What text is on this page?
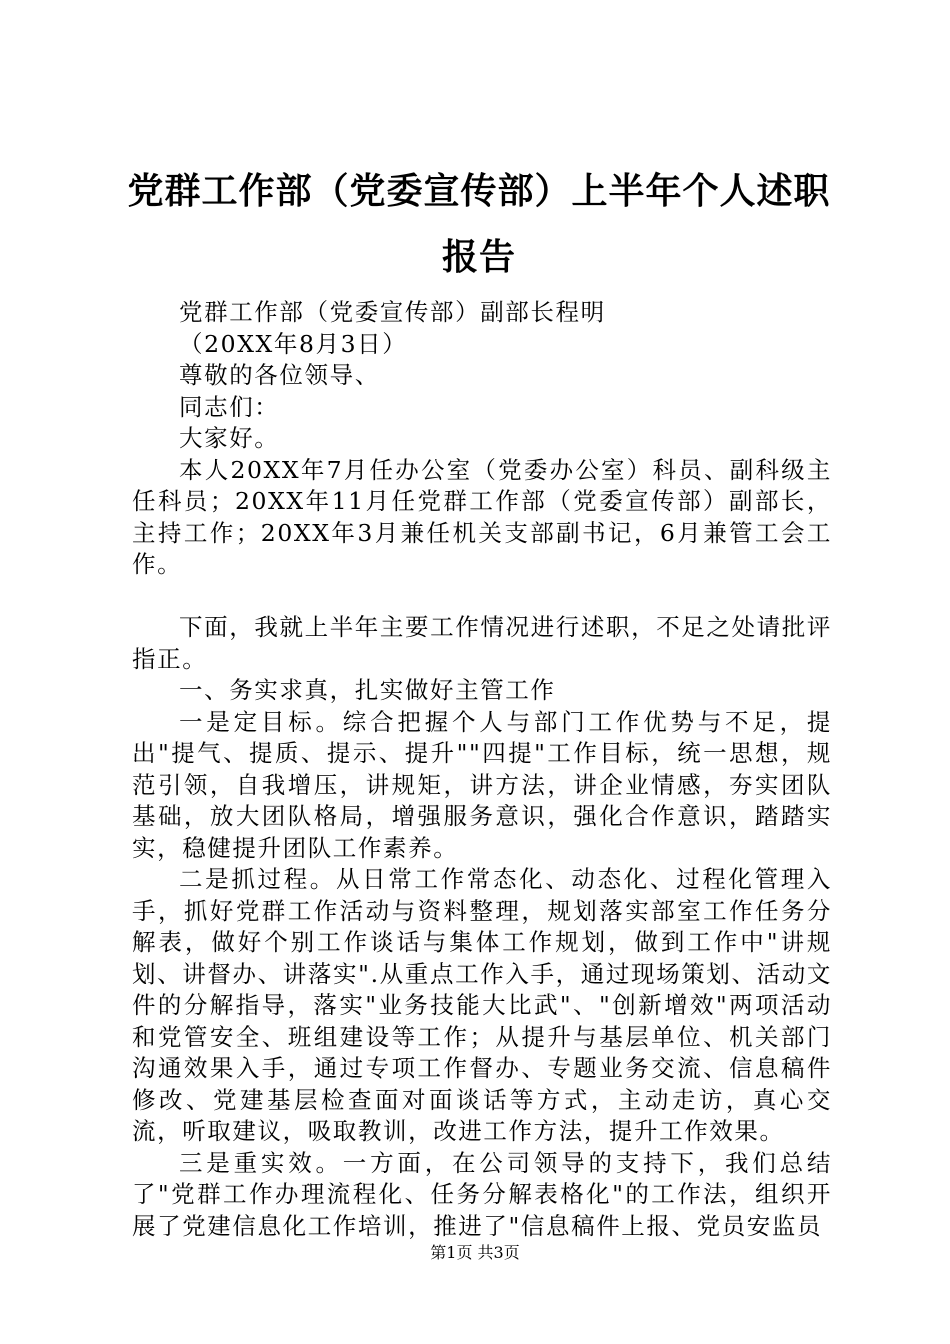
党群工作部（党委宣传部）上半年个人述职报告

党群工作部（党委宣传部）副部长程明

（20XX年8月3日）

尊敬的各位领导、

同志们：

大家好。

本人20XX年7月任办公室（党委办公室）科员、副科级主任科员；20XX年11月任党群工作部（党委宣传部）副部长，主持工作；20XX年3月兼任机关支部副书记，6月兼管工会工作。

下面，我就上半年主要工作情况进行述职，不足之处请批评指正。

一、务实求真，扎实做好主管工作

一是定目标。综合把握个人与部门工作优势与不足，提出"提气、提质、提示、提升""四提"工作目标，统一思想，规范引领，自我增压，讲规矩，讲方法，讲企业情感，夯实团队基础，放大团队格局，增强服务意识，强化合作意识，踏踏实实，稳健提升团队工作素养。

二是抓过程。从日常工作常态化、动态化、过程化管理入手，抓好党群工作活动与资料整理，规划落实部室工作任务分解表，做好个别工作谈话与集体工作规划，做到工作中"讲规划、讲督办、讲落实".从重点工作入手，通过现场策划、活动文件的分解指导，落实"业务技能大比武"、"创新增效"两项活动和党管安全、班组建设等工作；从提升与基层单位、机关部门沟通效果入手，通过专项工作督办、专题业务交流、信息稿件修改、党建基层检查面对面谈话等方式，主动走访，真心交流，听取建议，吸取教训，改进工作方法，提升工作效果。

三是重实效。一方面，在公司领导的支持下，我们总结了"党群工作办理流程化、任务分解表格化"的工作法，组织开展了党建信息化工作培训，推进了"信息稿件上报、党员安监员

第1页 共3页
